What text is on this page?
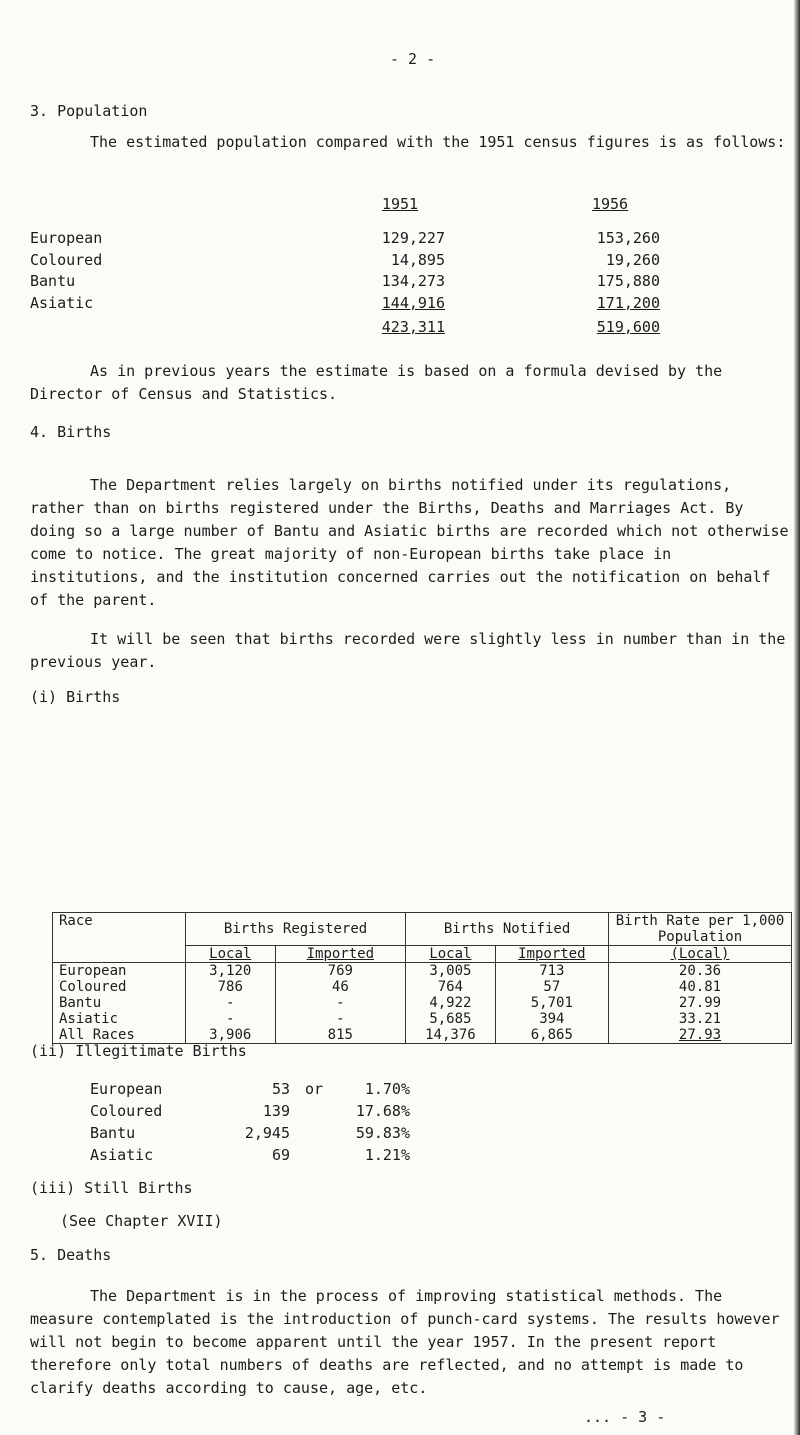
- 2 -
3. Population
The estimated population compared with the 1951 census figures is as follows:
1951	1956
European	129,227	153,260
Coloured	14,895	19,260
Bantu	134,273	175,880
Asiatic	144,916	171,200
423,311	519,600
As in previous years the estimate is based on a formula devised by the Director of Census and Statistics.
4. Births
The Department relies largely on births notified under its regulations, rather than on births registered under the Births, Deaths and Marriages Act. By doing so a large number of Bantu and Asiatic births are recorded which not otherwise come to notice. The great majority of non-European births take place in institutions, and the institution concerned carries out the notification on behalf of the parent.
It will be seen that births recorded were slightly less in number than in the previous year.
(i) Births
Race	Births Registered		Births Notified		Birth Rate per 1,000 Population
	Local	Imported	Local	Imported	(Local)
European	3,120	769	3,005	713	20.36
Coloured	786	46	764	57	40.81
Bantu	-	-	4,922	5,701	27.99
Asiatic	-	-	5,685	394	33.21
All Races	3,906	815	14,376	6,865	27.93
(ii) Illegitimate Births
European	53 or	1.70%
Coloured	139	17.68%
Bantu	2,945	59.83%
Asiatic	69	1.21%
(iii) Still Births
(See Chapter XVII)
5. Deaths
The Department is in the process of improving statistical methods. The measure contemplated is the introduction of punch-card systems. The results however will not begin to become apparent until the year 1957. In the present report therefore only total numbers of deaths are reflected, and no attempt is made to clarify deaths according to cause, age, etc.
... - 3 -
